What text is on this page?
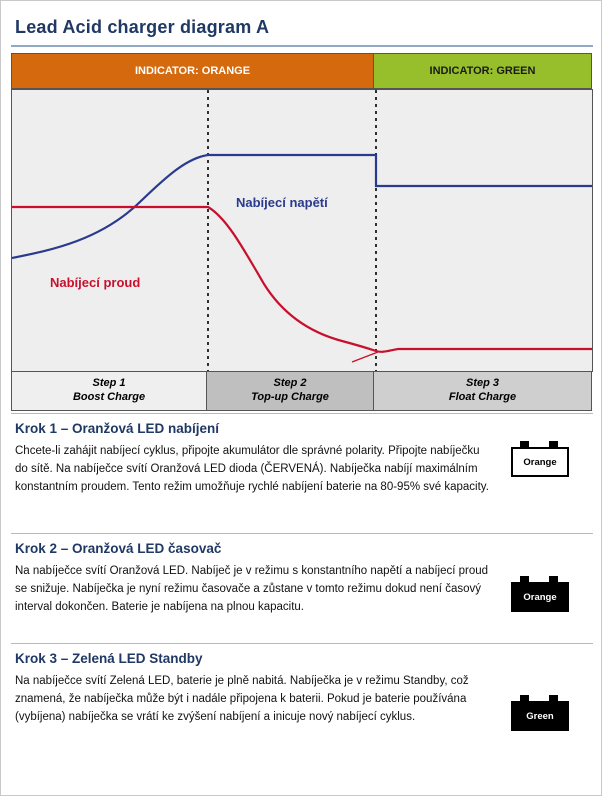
Lead Acid charger diagram A
INDICATOR: ORANGE	INDICATOR: GREEN
Nabíjecí napětí
Nabíjecí proud
Step 1
Boost Charge
Step 2
Top-up Charge
Step 3
Float Charge
Krok 1 – Oranžová LED nabíjení
Chcete-li zahájit nabíjecí cyklus, připojte akumulátor dle správné polarity. Připojte nabíječku do sítě. Na nabíječce svítí Oranžová LED dioda (ČERVENÁ). Nabíječka nabíjí maximálním konstantním proudem. Tento režim umožňuje rychlé nabíjení baterie na 80-95% své kapacity.
Orange
Krok 2 – Oranžová LED časovač
Na nabíječce svítí Oranžová LED. Nabíječ je v režimu s konstantního napětí a nabíjecí proud se snižuje. Nabíječka je nyní režimu časovače a zůstane v tomto režimu dokud není časový interval dokončen. Baterie je nabíjena na plnou kapacitu.
Orange
Krok 3 – Zelená LED Standby
Na nabíječce svítí Zelená LED, baterie je plně nabitá. Nabíječka je v režimu Standby, což znamená, že nabíječka může být i nadále připojena k baterii. Pokud je baterie používána (vybíjena) nabíječka se vrátí ke zvýšení nabíjení a inicuje nový nabíjecí cyklus.	Green
